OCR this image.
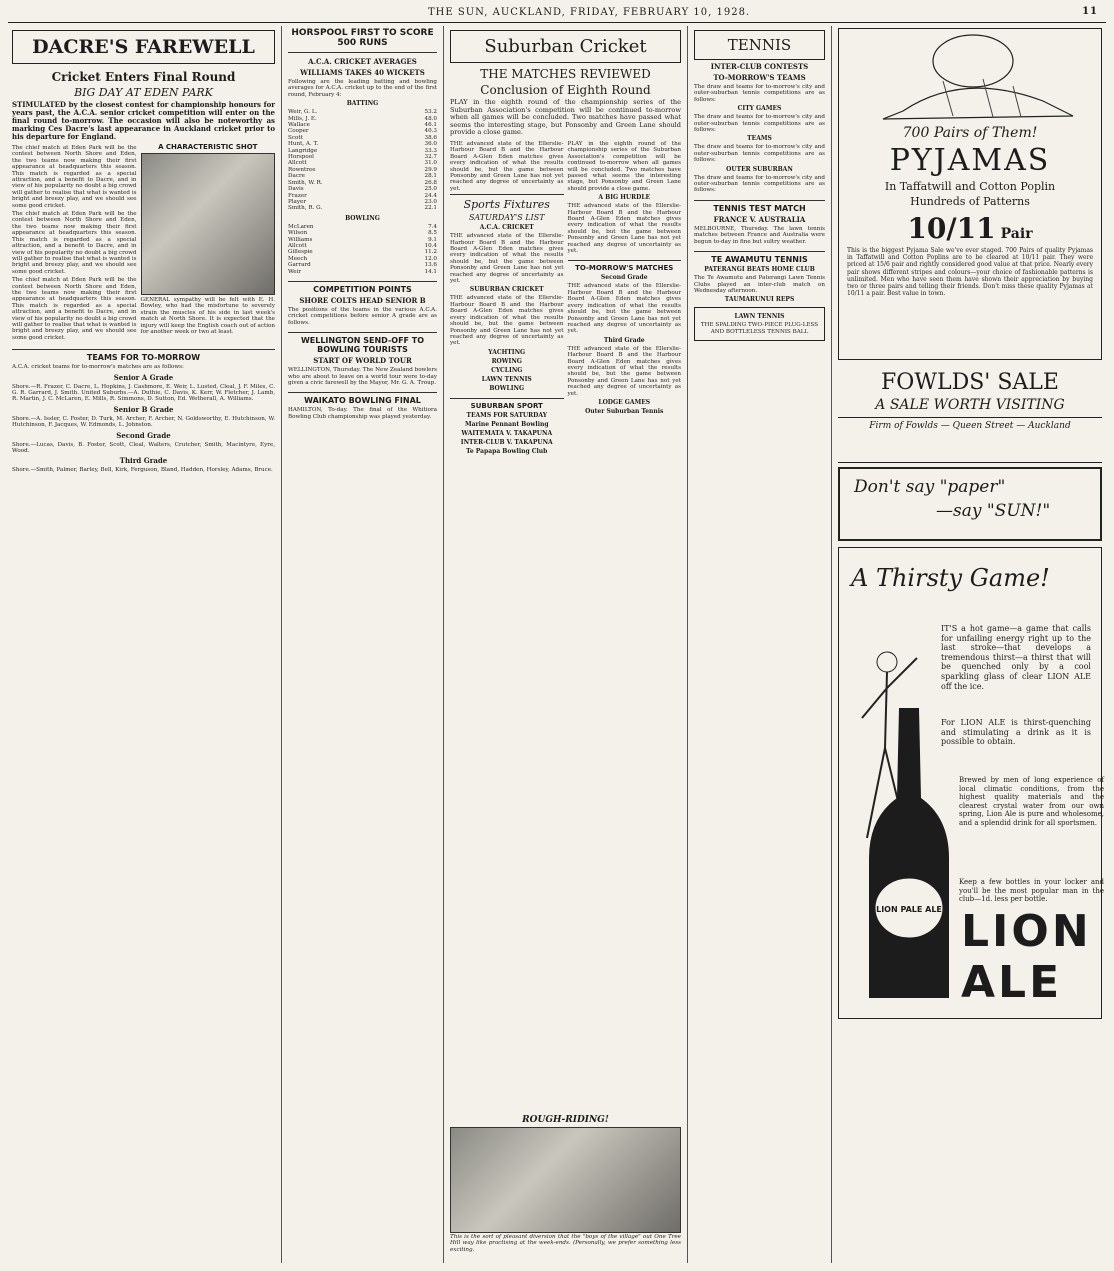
THE SUN, AUCKLAND, FRIDAY, FEBRUARY 10, 1928.	11
DACRE'S FAREWELL
Cricket Enters Final Round
BIG DAY AT EDEN PARK
STIMULATED by the closest contest for championship honours for years past, the A.C.A. senior cricket competition will enter on the final round to-morrow. The occasion will also be noteworthy as marking Ces Dacre's last appearance in Auckland cricket prior to his departure for England.
The chief match at Eden Park will be the contest between North Shore and Eden, the two teams now making their first appearance at headquarters this season. This match is regarded as a special attraction, and a benefit to Dacre, and in view of his popularity no doubt a big crowd will gather to realise that what is wanted is bright and breezy play, and we should see some good cricket.
The chief match at Eden Park will be the contest between North Shore and Eden, the two teams now making their first appearance at headquarters this season. This match is regarded as a special attraction, and a benefit to Dacre, and in view of his popularity no doubt a big crowd will gather to realise that what is wanted is bright and breezy play, and we should see some good cricket.
The chief match at Eden Park will be the contest between North Shore and Eden, the two teams now making their first appearance at headquarters this season. This match is regarded as a special attraction, and a benefit to Dacre, and in view of his popularity no doubt a big crowd will gather to realise that what is wanted is bright and breezy play, and we should see some good cricket.
A CHARACTERISTIC SHOT
GENERAL sympathy will be felt with E. H. Bowley, who had the misfortune to severely strain the muscles of his side in last week's match at North Shore. It is expected that the injury will keep the English coach out of action for another week or two at least.
TEAMS FOR TO-MORROW
A.C.A. cricket teams for to-morrow's matches are as follows:
Senior A Grade
Shore.—R. Frazer, C. Dacre, L. Hopkins, J. Cashmore, E. Weir, L. Lusted, Cleal, J. F. Miles, C. G. R. Garrard, J. Smith. United Suburbs.—A. Duthie, C. Davis, K. Kerr, W. Fletcher, J. Lamb, R. Martin, J. C. McLaren, E. Mills, R. Simmons, D. Sutton, Ed. Wetherall, A. Williams.
Senior B Grade
Shore.—A. Issler, C. Foster, D. Turk, M. Archer, F. Archer, N. Goldsworthy, E. Hutchinson, W. Hutchinson, F. Jacques, W. Edmonds, L. Johnston.
Second Grade
Shore.—Lucas, Davis, B. Foster, Scott, Cleal, Walters, Crutcher, Smith, Macintyre, Eyre, Wood.
Third Grade
Shore.—Smith, Palmer, Barley, Bell, Kirk, Ferguson, Bland, Hadden, Horsley, Adams, Bruce.
HORSPOOL FIRST TO SCORE 500 RUNS
A.C.A. CRICKET AVERAGES
WILLIAMS TAKES 40 WICKETS
Following are the leading batting and bowling averages for A.C.A. cricket up to the end of the first round, February 4:
BATTING
Weir, G. L.	53.2
Mills, J. E.	48.0
Wallace	46.1
Cooper	40.3
Scott	38.6
Hunt, A. T.	36.0
Langridge	33.3
Horspool	32.7
Allcott	31.0
Rowntree	29.9
Dacre	28.1
Smith, W. R.	26.8
Davis	25.0
Frazer	24.4
Player	23.0
Smith, R. G.	22.1
BOWLING
McLaren	7.4
Wilson	8.5
Williams	9.1
Allcott	10.4
Gillespie	11.2
Meech	12.0
Garrard	13.6
Weir	14.1
COMPETITION POINTS
SHORE COLTS HEAD SENIOR B
The positions of the teams in the various A.C.A. cricket competitions before senior A grade are as follows.
WELLINGTON SEND-OFF TO BOWLING TOURISTS
START OF WORLD TOUR
WELLINGTON, Thursday. The New Zealand bowlers who are about to leave on a world tour were to-day given a civic farewell by the Mayor, Mr. G. A. Troup.
WAIKATO BOWLING FINAL
HAMILTON, To-day. The final of the Whitiora Bowling Club championship was played yesterday.
Suburban Cricket
THE MATCHES REVIEWED
Conclusion of Eighth Round
PLAY in the eighth round of the championship series of the Suburban Association's competition will be continued to-morrow when all games will be concluded. Two matches have passed what seems the interesting stage, but Ponsonby and Green Lane should provide a close game.
THE advanced state of the Ellerslie-Harbour Board B and the Harbour Board A-Glen Eden matches gives every indication of what the results should be, but the game between Ponsonby and Green Lane has not yet reached any degree of uncertainty as yet.
Sports Fixtures
SATURDAY'S LIST
A.C.A. CRICKET
THE advanced state of the Ellerslie-Harbour Board B and the Harbour Board A-Glen Eden matches gives every indication of what the results should be, but the game between Ponsonby and Green Lane has not yet reached any degree of uncertainty as yet.
SUBURBAN CRICKET
THE advanced state of the Ellerslie-Harbour Board B and the Harbour Board A-Glen Eden matches gives every indication of what the results should be, but the game between Ponsonby and Green Lane has not yet reached any degree of uncertainty as yet.
YACHTING
ROWING
CYCLING
LAWN TENNIS
BOWLING
SUBURBAN SPORT
TEAMS FOR SATURDAY
Marine Pennant Bowling
WAITEMATA V. TAKAPUNA
INTER-CLUB V. TAKAPUNA
Te Papapa Bowling Club
PLAY in the eighth round of the championship series of the Suburban Association's competition will be continued to-morrow when all games will be concluded. Two matches have passed what seems the interesting stage, but Ponsonby and Green Lane should provide a close game.
A BIG HURDLE
THE advanced state of the Ellerslie-Harbour Board B and the Harbour Board A-Glen Eden matches gives every indication of what the results should be, but the game between Ponsonby and Green Lane has not yet reached any degree of uncertainty as yet.
TO-MORROW'S MATCHES
Second Grade
THE advanced state of the Ellerslie-Harbour Board B and the Harbour Board A-Glen Eden matches gives every indication of what the results should be, but the game between Ponsonby and Green Lane has not yet reached any degree of uncertainty as yet.
Third Grade
THE advanced state of the Ellerslie-Harbour Board B and the Harbour Board A-Glen Eden matches gives every indication of what the results should be, but the game between Ponsonby and Green Lane has not yet reached any degree of uncertainty as yet.
LODGE GAMES
Outer Suburban Tennis
ROUGH-RIDING!
This is the sort of pleasant diversion that the "boys of the village" out One Tree Hill way like practising at the week-ends. (Personally, we prefer something less exciting.
TENNIS
INTER-CLUB CONTESTS
TO-MORROW'S TEAMS
The draw and teams for to-morrow's city and outer-suburban tennis competitions are as follows:
CITY GAMES
The draw and teams for to-morrow's city and outer-suburban tennis competitions are as follows:
TEAMS
The draw and teams for to-morrow's city and outer-suburban tennis competitions are as follows:
OUTER SUBURBAN
The draw and teams for to-morrow's city and outer-suburban tennis competitions are as follows:
TENNIS TEST MATCH
FRANCE V. AUSTRALIA
MELBOURNE, Thursday. The lawn tennis matches between France and Australia were begun to-day in fine but sultry weather.
TE AWAMUTU TENNIS
PATERANGI BEATS HOME CLUB
The Te Awamutu and Paterangi Lawn Tennis Clubs played an inter-club match on Wednesday afternoon.
TAUMARUNUI REPS
LAWN TENNIS
THE SPALDING TWO-PIECE PLUG-LESS AND BOTTLELESS TENNIS BALL
700 Pairs of Them!
PYJAMAS
In Taffatwill and Cotton Poplin
Hundreds of Patterns
10/11 Pair
This is the biggest Pyjama Sale we've ever staged. 700 Pairs of quality Pyjamas in Taffatwill and Cotton Poplins are to be cleared at 10/11 pair. They were priced at 15/6 pair and rightly considered good value at that price. Nearly every pair shows different stripes and colours—your choice of fashionable patterns is unlimited. Men who have seen them have shown their appreciation by buying two or three pairs and telling their friends. Don't miss these quality Pyjamas at 10/11 a pair. Best value in town.
FOWLDS' SALE
A SALE WORTH VISITING
Firm of Fowlds — Queen Street — Auckland
Don't say "paper"
—say "SUN!"
A Thirsty Game!
IT'S a hot game—a game that calls for unfailing energy right up to the last stroke—that develops a tremendous thirst—a thirst that will be quenched only by a cool sparkling glass of clear LION ALE off the ice.
For LION ALE is thirst-quenching and stimulating a drink as it is possible to obtain.
LION PALE ALE
Brewed by men of long experience of local climatic conditions, from the highest quality materials and the clearest crystal water from our own spring, Lion Ale is pure and wholesome, and a splendid drink for all sportsmen.
Keep a few bottles in your locker and you'll be the most popular man in the club—1d. less per bottle.
LION ALE
